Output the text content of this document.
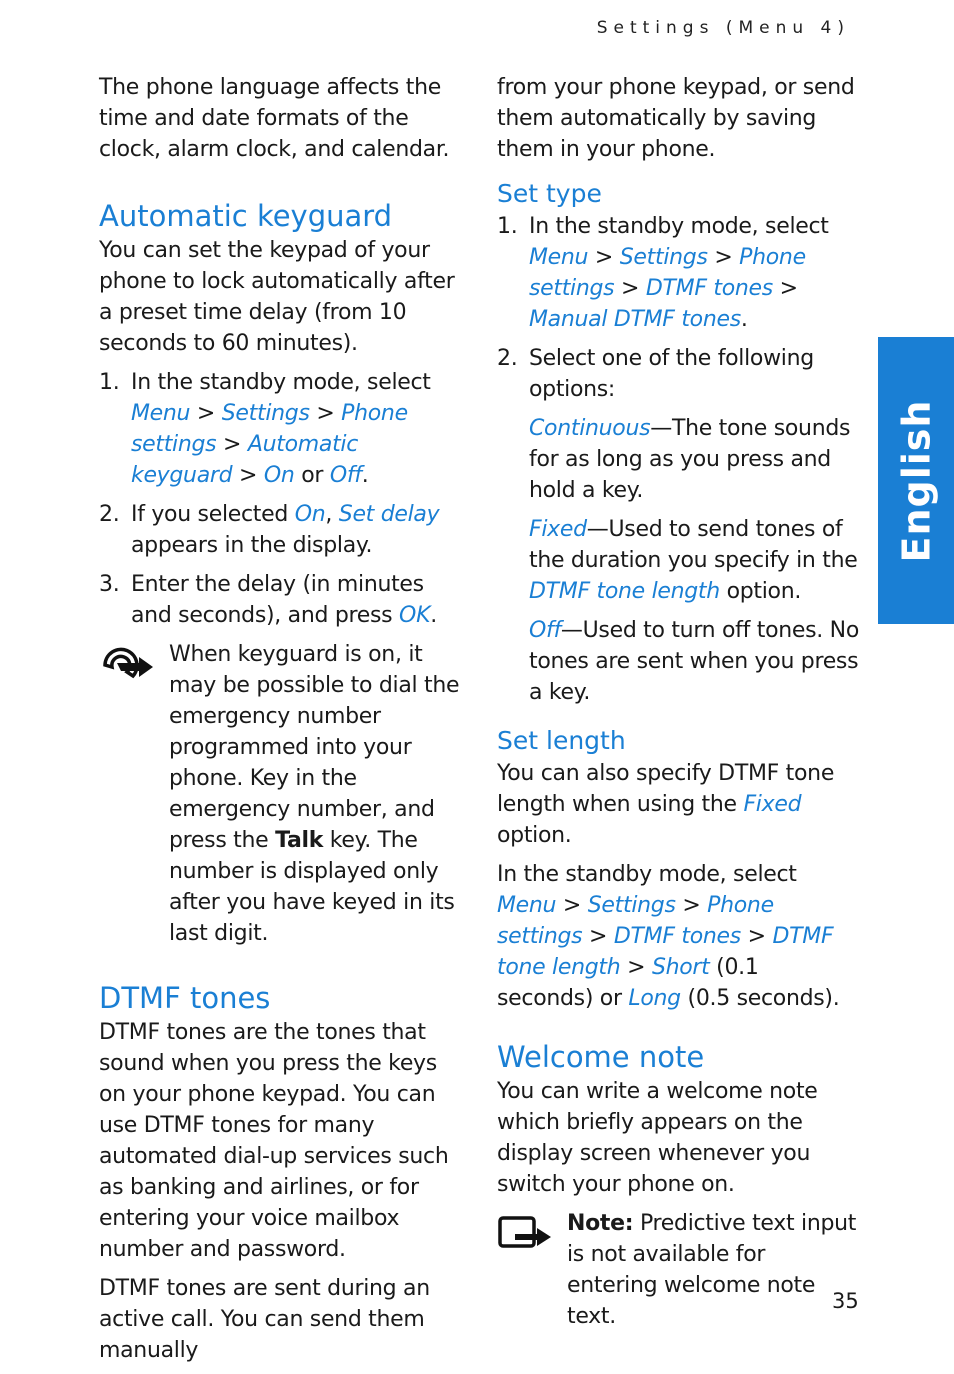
Settings (Menu 4)

The phone language affects the time and date formats of the clock, alarm clock, and calendar.

Automatic keyguard

You can set the keypad of your phone to lock automatically after a preset time delay (from 10 seconds to 60 minutes).

1. In the standby mode, select Menu > Settings > Phone settings > Automatic keyguard > On or Off.
2. If you selected On, Set delay appears in the display.
3. Enter the delay (in minutes and seconds), and press OK.

When keyguard is on, it may be possible to dial the emergency number programmed into your phone. Key in the emergency number, and press the Talk key. The number is displayed only after you have keyed in its last digit.

DTMF tones

DTMF tones are the tones that sound when you press the keys on your phone keypad. You can use DTMF tones for many automated dial-up services such as banking and airlines, or for entering your voice mailbox number and password.

DTMF tones are sent during an active call. You can send them manually

from your phone keypad, or send them automatically by saving them in your phone.

Set type
1. In the standby mode, select Menu > Settings > Phone settings > DTMF tones > Manual DTMF tones.
2. Select one of the following options:

Continuous—The tone sounds for as long as you press and hold a key.

Fixed—Used to send tones of the duration you specify in the DTMF tone length option.

Off—Used to turn off tones. No tones are sent when you press a key.

Set length

You can also specify DTMF tone length when using the Fixed option.

In the standby mode, select Menu > Settings > Phone settings > DTMF tones > DTMF tone length > Short (0.1 seconds) or Long (0.5 seconds).

Welcome note

You can write a welcome note which briefly appears on the display screen whenever you switch your phone on.

Note: Predictive text input is not available for entering welcome note text.

English
35
